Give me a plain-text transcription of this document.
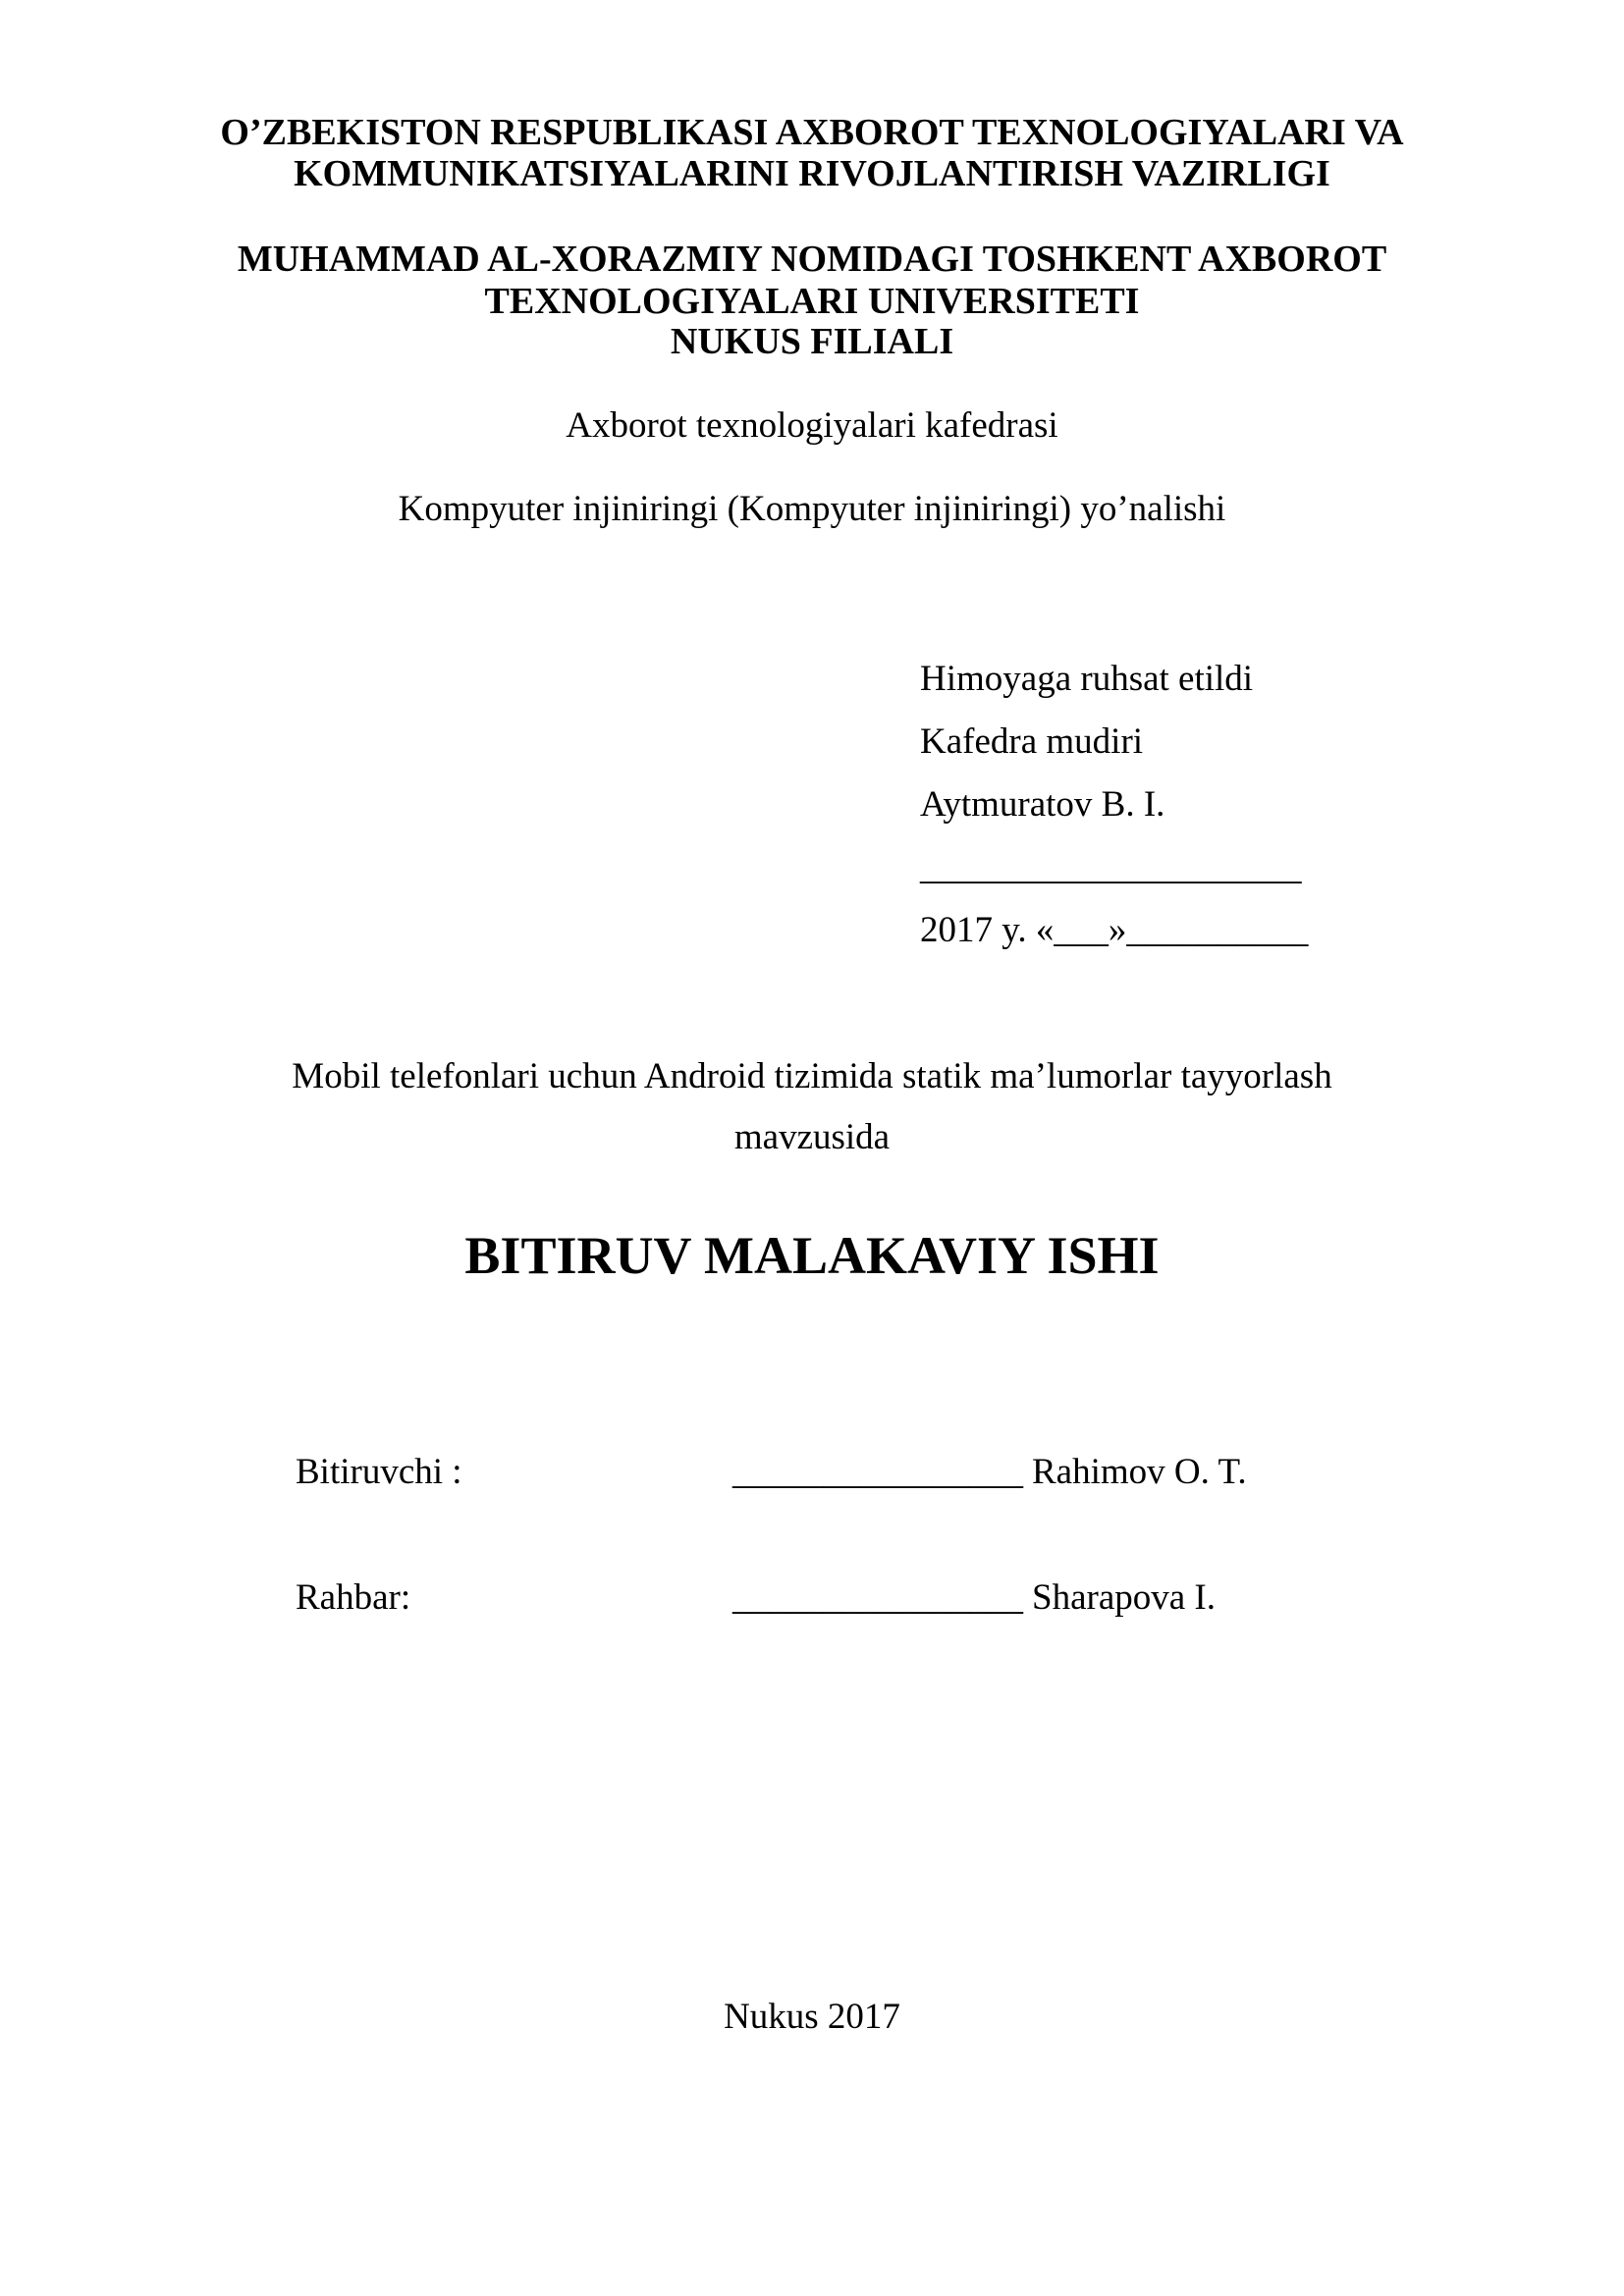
O’ZBEKISTON RESPUBLIKASI AXBOROT TEXNOLOGIYALARI VA
KOMMUNIKATSIYALARINI RIVOJLANTIRISH VAZIRLIGI
MUHAMMAD AL-XORAZMIY NOMIDAGI TOSHKENT AXBOROT
TEXNOLOGIYALARI UNIVERSITETI
NUKUS FILIALI
Axborot texnologiyalari kafedrasi
Kompyuter injiniringi (Kompyuter injiniringi) yo’nalishi
Himoyaga ruhsat etildi
Kafedra mudiri
Aytmuratov B. I.
_____________________
2017 y. «___»__________
Mobil telefonlari uchun Android tizimida statik ma’lumorlar tayyorlash
mavzusida
BITIRUV MALAKAVIY ISHI
Bitiruvchi :	________________ Rahimov O. T.
Rahbar:	________________ Sharapova I.
Nukus 2017
